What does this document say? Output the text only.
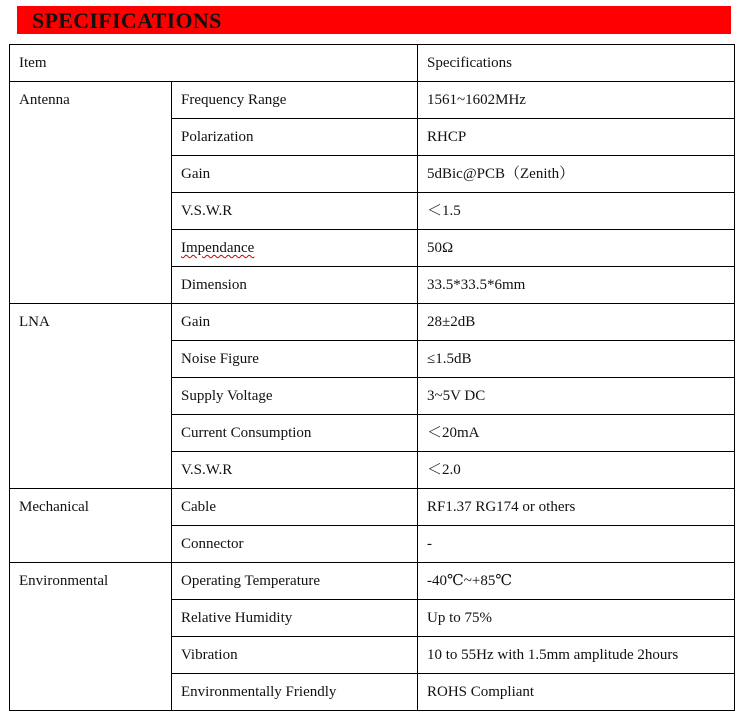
SPECIFICATIONS
Item		Specifications
Antenna	Frequency Range	1561~1602MHz
	Polarization	RHCP
	Gain	5dBic@PCB（Zenith）
	V.S.W.R	＜1.5
	Impendance	50Ω
	Dimension	33.5*33.5*6mm
LNA	Gain	28±2dB
	Noise Figure	≤1.5dB
	Supply Voltage	3~5V DC
	Current Consumption	＜20mA
	V.S.W.R	＜2.0
Mechanical	Cable	RF1.37 RG174 or others
	Connector	-
Environmental	Operating Temperature	-40℃~+85℃
	Relative Humidity	Up to 75%
	Vibration	10 to 55Hz with 1.5mm amplitude 2hours
	Environmentally Friendly	ROHS Compliant
